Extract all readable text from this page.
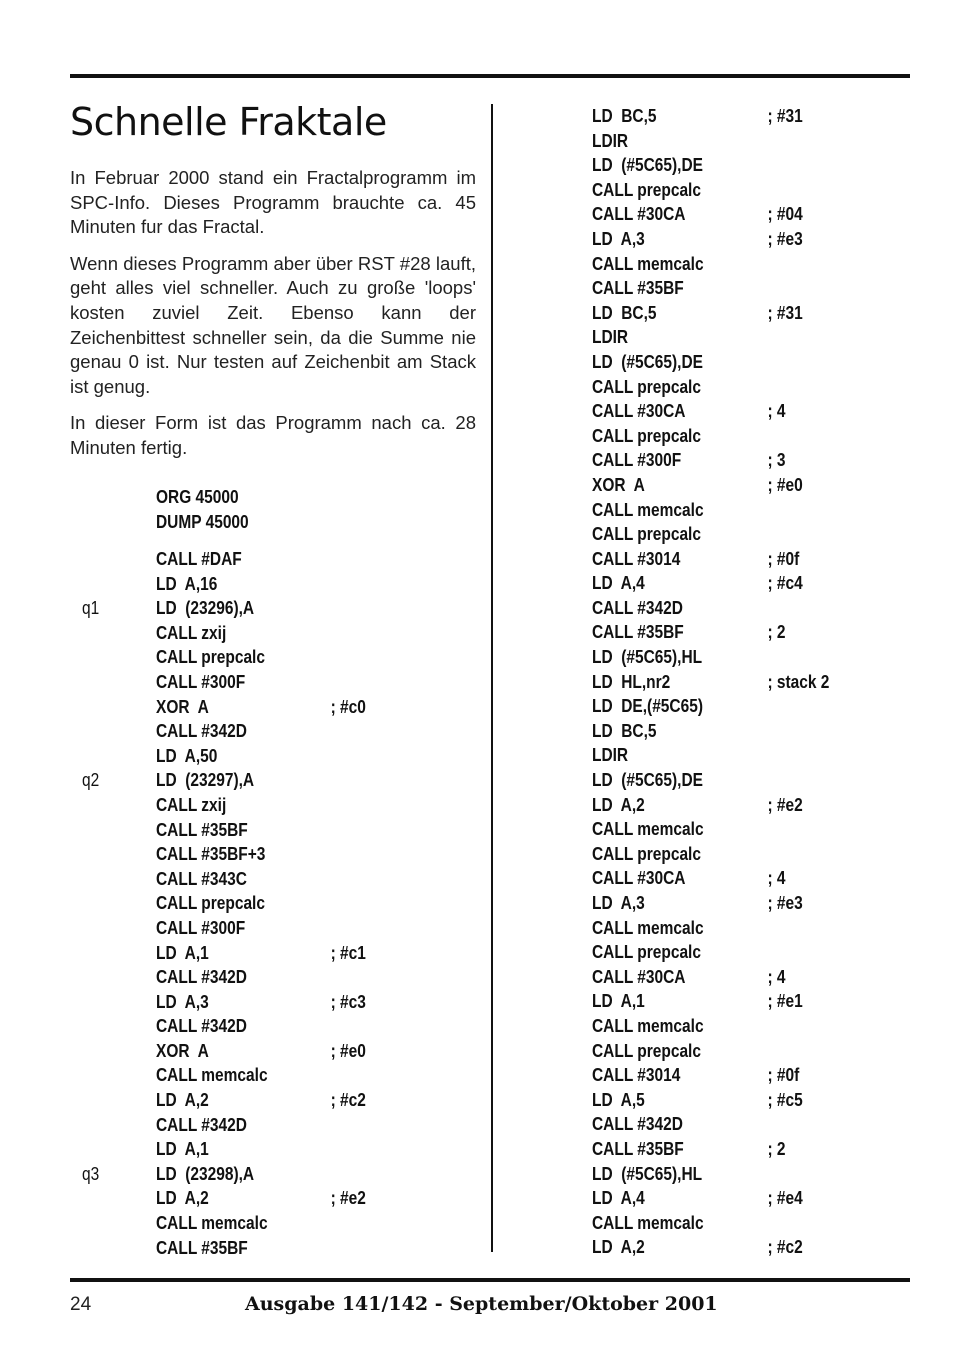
Schnelle Fraktale

In Februar 2000 stand ein Fractalprogramm im SPC-Info. Dieses Programm brauchte ca. 45 Minuten fur das Fractal.

Wenn dieses Programm aber über RST #28 lauft, geht alles viel schneller. Auch zu große 'loops' kosten zuviel Zeit. Ebenso kann der Zeichenbittest schneller sein, da die Summe nie genau 0 ist. Nur testen auf Zeichenbit am Stack ist genug.

In dieser Form ist das Programm nach ca. 28 Minuten fertig.

ORG 45000
DUMP 45000
CALL #DAF
LD  A,16
q1	LD  (23296),A
CALL zxij
CALL prepcalc
CALL #300F
XOR  A	; #c0
CALL #342D
LD  A,50
q2	LD  (23297),A
CALL zxij
CALL #35BF
CALL #35BF+3
CALL #343C
CALL prepcalc
CALL #300F
LD  A,1	; #c1
CALL #342D
LD  A,3	; #c3
CALL #342D
XOR  A	; #e0
CALL memcalc
LD  A,2	; #c2
CALL #342D
LD  A,1
q3	LD  (23298),A
LD  A,2	; #e2
CALL memcalc
CALL #35BF
LD  BC,5	; #31
LDIR
LD  (#5C65),DE
CALL prepcalc
CALL #30CA	; #04
LD  A,3	; #e3
CALL memcalc
CALL #35BF
LD  BC,5	; #31
LDIR
LD  (#5C65),DE
CALL prepcalc
CALL #30CA	; 4
CALL prepcalc
CALL #300F	; 3
XOR  A	; #e0
CALL memcalc
CALL prepcalc
CALL #3014	; #0f
LD  A,4	; #c4
CALL #342D
CALL #35BF	; 2
LD  (#5C65),HL
LD  HL,nr2	; stack 2
LD  DE,(#5C65)
LD  BC,5
LDIR
LD  (#5C65),DE
LD  A,2	; #e2
CALL memcalc
CALL prepcalc
CALL #30CA	; 4
LD  A,3	; #e3
CALL memcalc
CALL prepcalc
CALL #30CA	; 4
LD  A,1	; #e1
CALL memcalc
CALL prepcalc
CALL #3014	; #0f
LD  A,5	; #c5
CALL #342D
CALL #35BF	; 2
LD  (#5C65),HL
LD  A,4	; #e4
CALL memcalc
LD  A,2	; #c2
24	Ausgabe 141/142 - September/Oktober 2001
